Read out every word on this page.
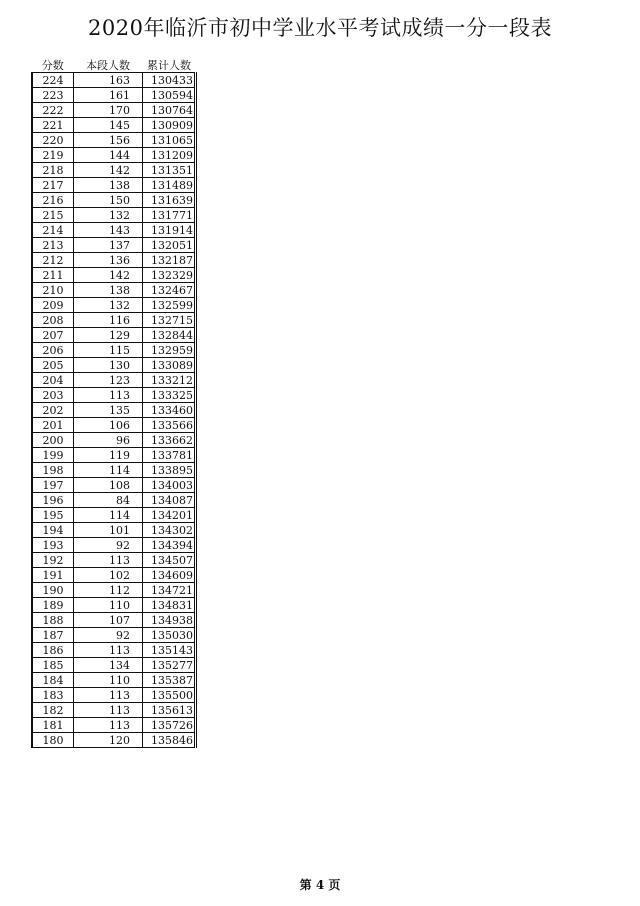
2020年临沂市初中学业水平考试成绩一分一段表
分数	本段人数	累计人数
224	163	130433
223	161	130594
222	170	130764
221	145	130909
220	156	131065
219	144	131209
218	142	131351
217	138	131489
216	150	131639
215	132	131771
214	143	131914
213	137	132051
212	136	132187
211	142	132329
210	138	132467
209	132	132599
208	116	132715
207	129	132844
206	115	132959
205	130	133089
204	123	133212
203	113	133325
202	135	133460
201	106	133566
200	96	133662
199	119	133781
198	114	133895
197	108	134003
196	84	134087
195	114	134201
194	101	134302
193	92	134394
192	113	134507
191	102	134609
190	112	134721
189	110	134831
188	107	134938
187	92	135030
186	113	135143
185	134	135277
184	110	135387
183	113	135500
182	113	135613
181	113	135726
180	120	135846
第 4 页
